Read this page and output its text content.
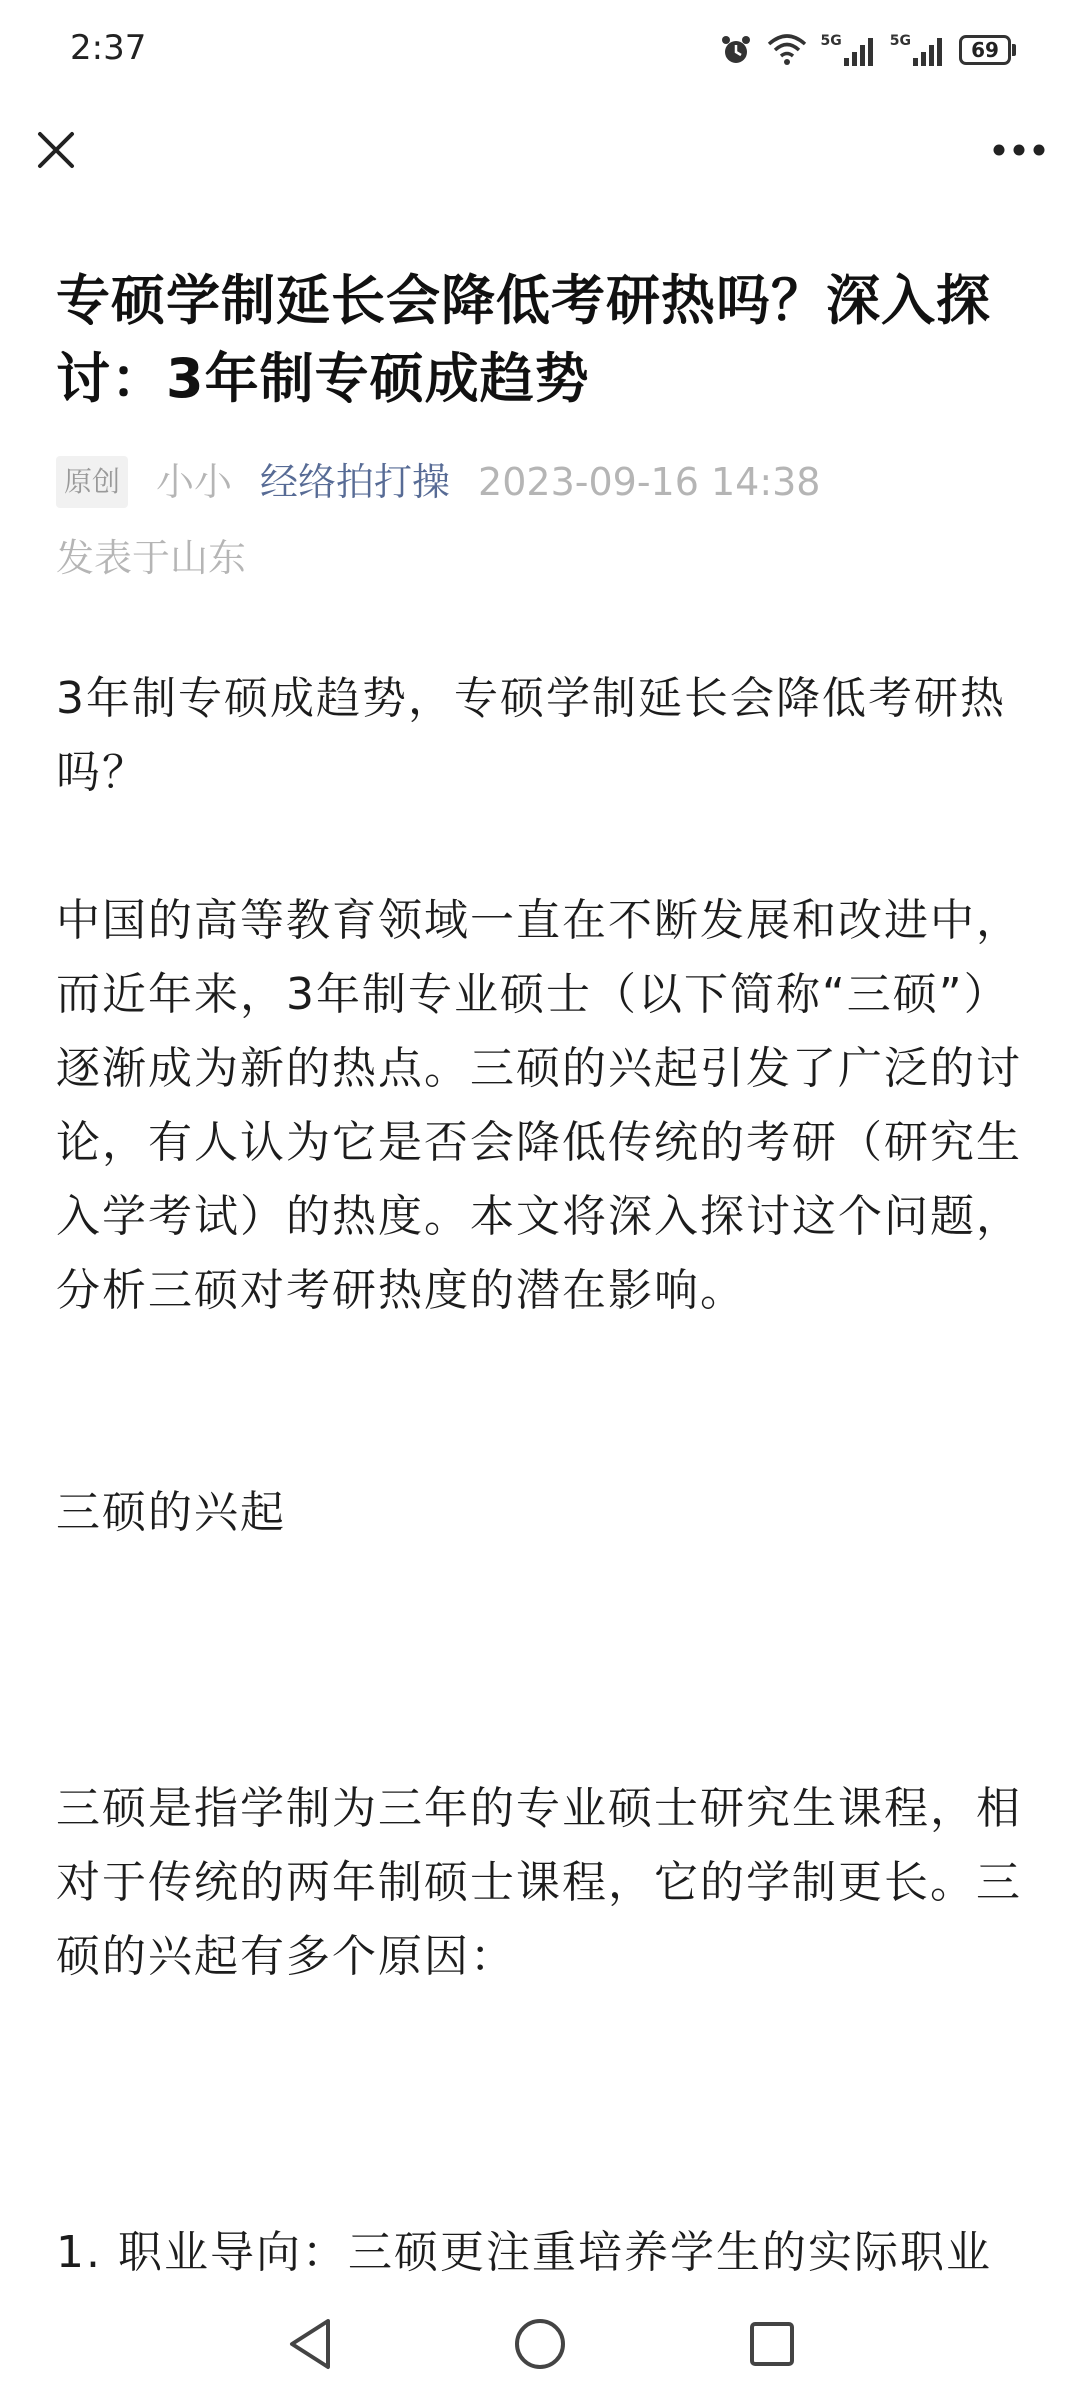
2:37	5G	5G	69
专硕学制延长会降低考研热吗？深入探讨：3年制专硕成趋势
原创 小小 经络拍打操 2023-09-16 14:38
发表于山东

3年制专硕成趋势，专硕学制延长会降低考研热吗？

中国的高等教育领域一直在不断发展和改进中，而近年来，3年制专业硕士（以下简称“三硕”）逐渐成为新的热点。三硕的兴起引发了广泛的讨论，有人认为它是否会降低传统的考研（研究生入学考试）的热度。本文将深入探讨这个问题，分析三硕对考研热度的潜在影响。

三硕的兴起

三硕是指学制为三年的专业硕士研究生课程，相对于传统的两年制硕士课程，它的学制更长。三硕的兴起有多个原因：

1. 职业导向：三硕更注重培养学生的实际职业
